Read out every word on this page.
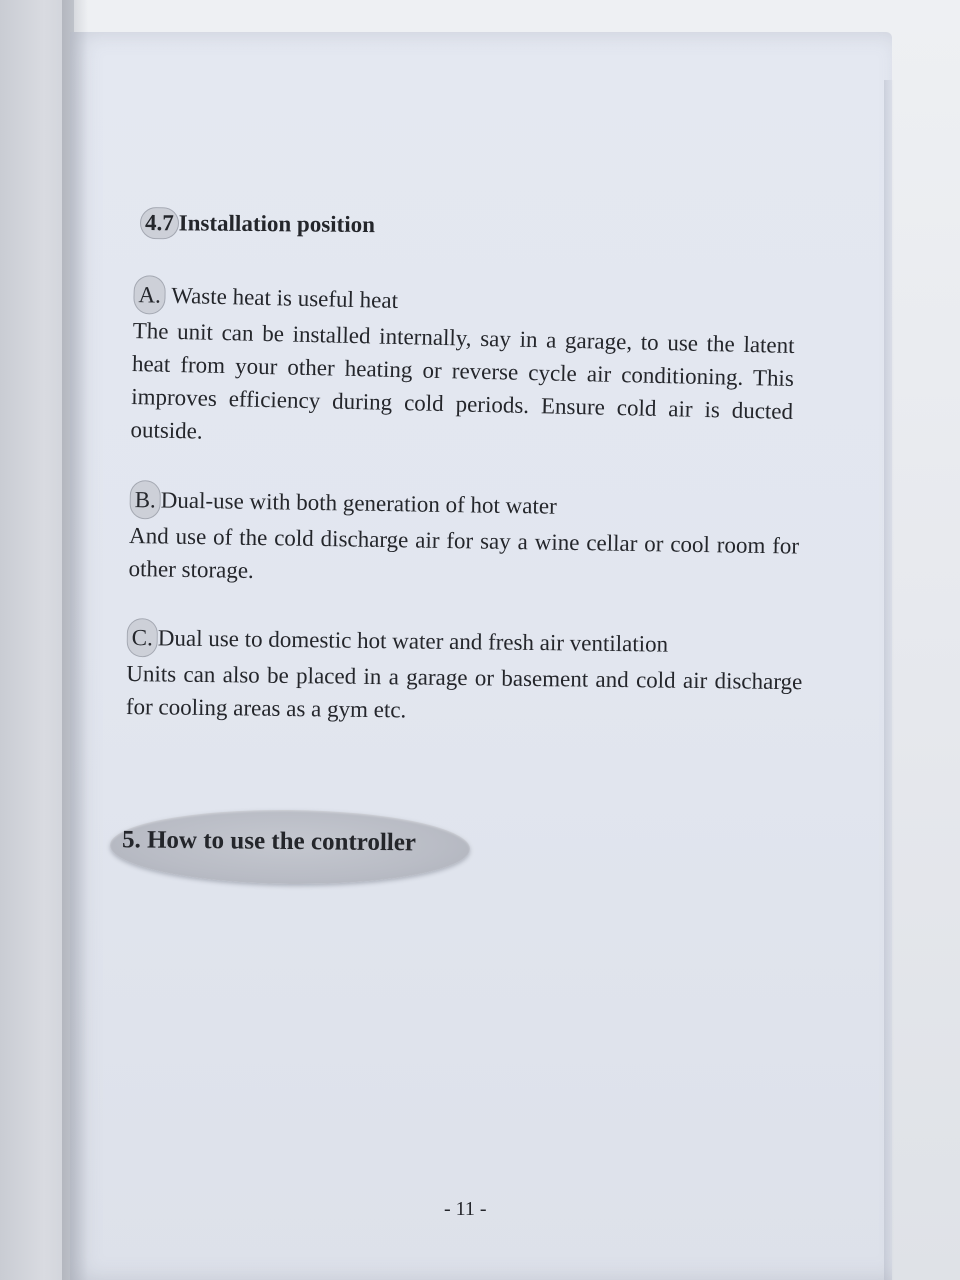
4.7 Installation position
A. Waste heat is useful heat
The unit can be installed internally, say in a garage, to use the latent heat from your other heating or reverse cycle air conditioning. This improves efficiency during cold periods. Ensure cold air is ducted outside.
B. Dual-use with both generation of hot water
And use of the cold discharge air for say a wine cellar or cool room for other storage.
C. Dual use to domestic hot water and fresh air ventilation
Units can also be placed in a garage or basement and cold air discharge for cooling areas as a gym etc.
5. How to use the controller
- 11 -
